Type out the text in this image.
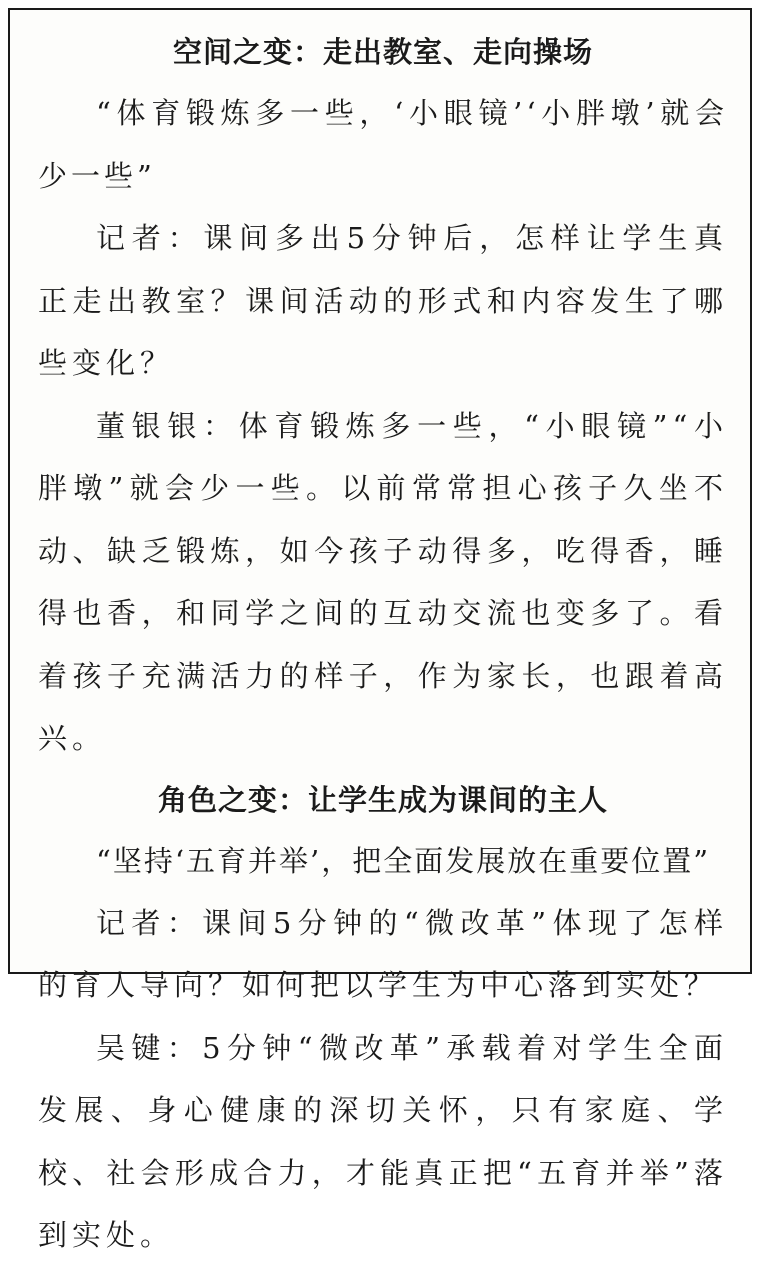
空间之变：走出教室、走向操场

“体育锻炼多一些，‘小眼镜’‘小胖墩’就会少一些”

记者：课间多出5分钟后，怎样让学生真正走出教室？课间活动的形式和内容发生了哪些变化？

董银银：体育锻炼多一些，“小眼镜”“小胖墩”就会少一些。以前常常担心孩子久坐不动、缺乏锻炼，如今孩子动得多，吃得香，睡得也香，和同学之间的互动交流也变多了。看着孩子充满活力的样子，作为家长，也跟着高兴。

角色之变：让学生成为课间的主人

“坚持‘五育并举’，把全面发展放在重要位置”

记者：课间5分钟的“微改革”体现了怎样的育人导向？如何把以学生为中心落到实处？

吴键：5分钟“微改革”承载着对学生全面发展、身心健康的深切关怀，只有家庭、学校、社会形成合力，才能真正把“五育并举”落到实处。
